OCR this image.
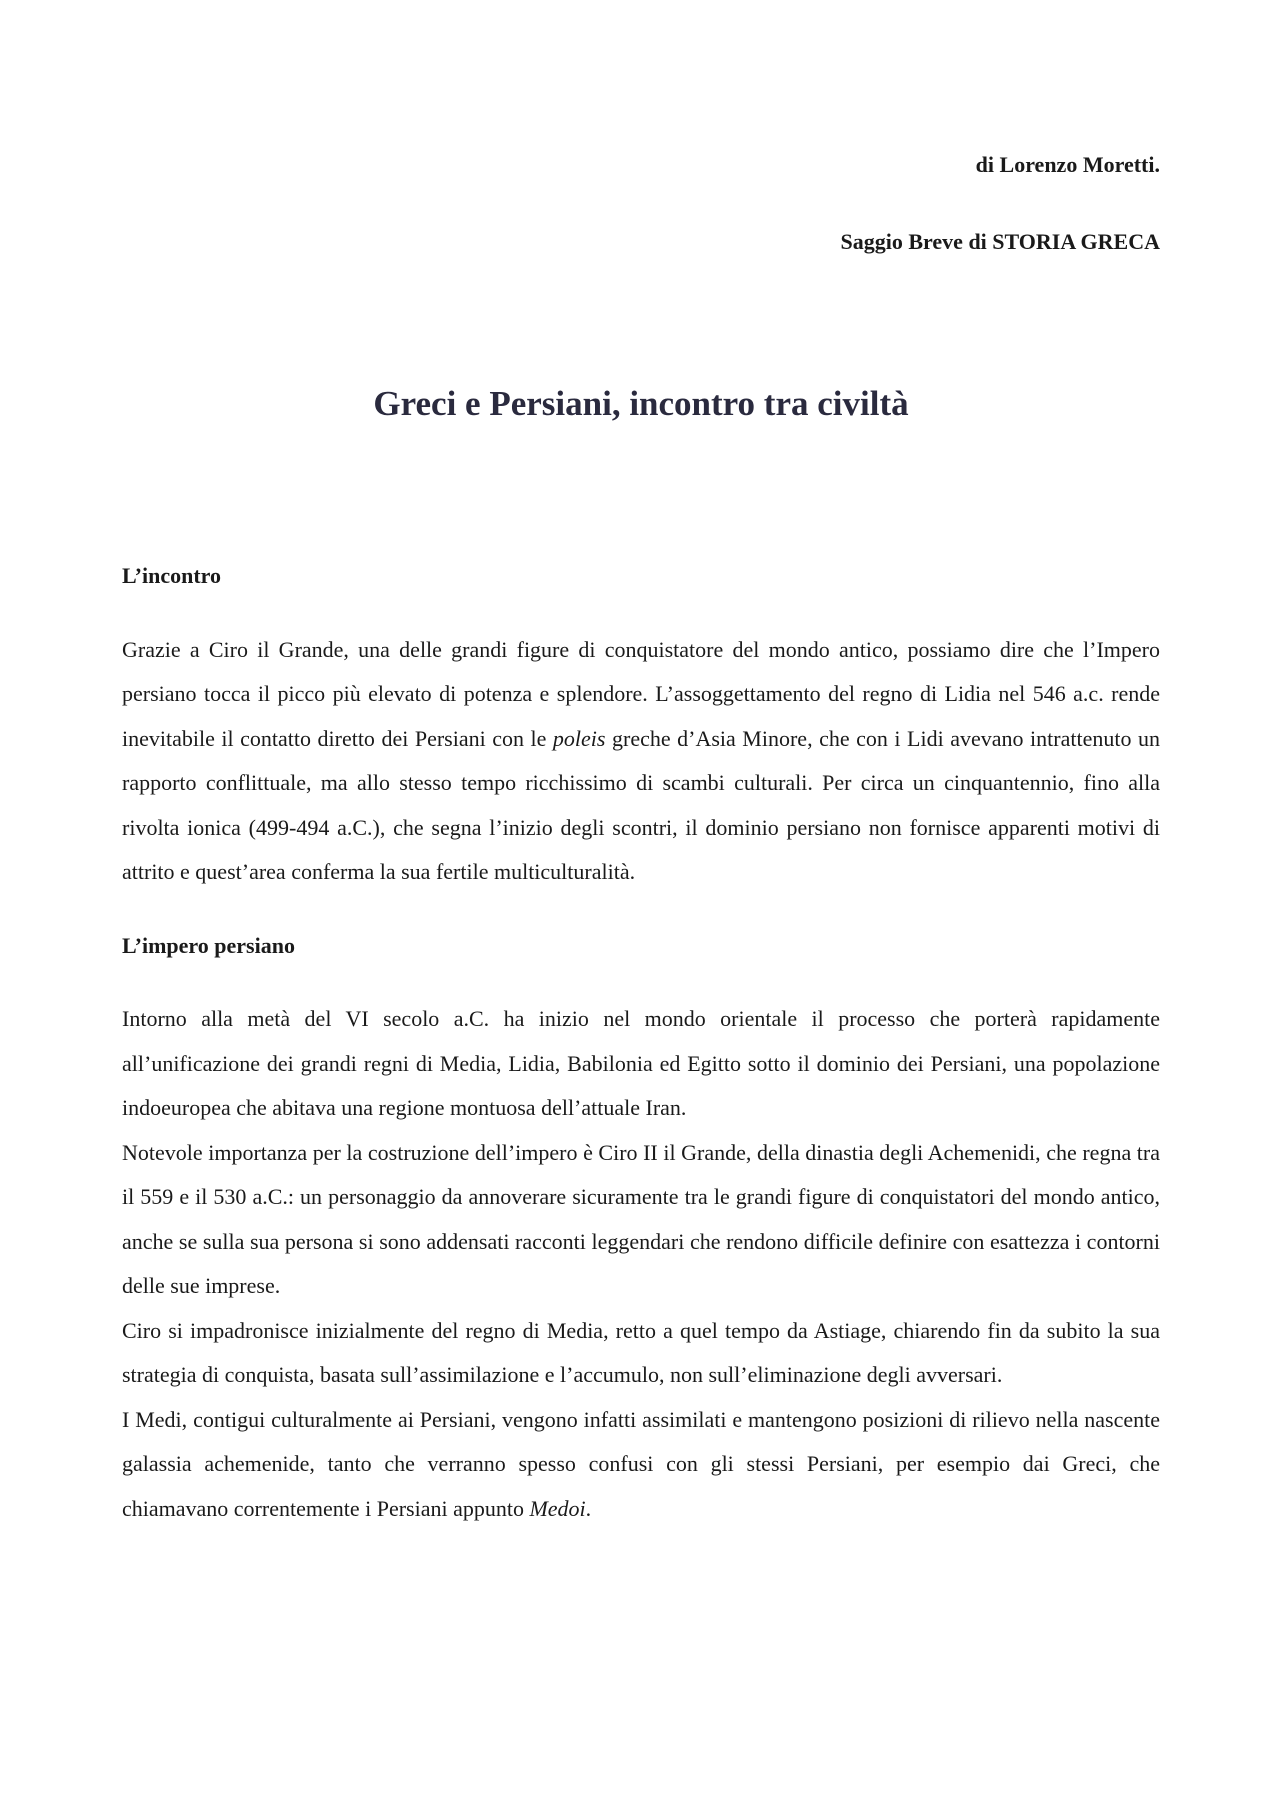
di Lorenzo Moretti.
Saggio Breve di STORIA GRECA
Greci e Persiani, incontro tra civiltà
L’incontro

Grazie a Ciro il Grande, una delle grandi figure di conquistatore del mondo antico, possiamo dire che l’Impero persiano tocca il picco più elevato di potenza e splendore. L’assoggettamento del regno di Lidia nel 546 a.c. rende inevitabile il contatto diretto dei Persiani con le poleis greche d’Asia Minore, che con i Lidi avevano intrattenuto un rapporto conflittuale, ma allo stesso tempo ricchissimo di scambi culturali. Per circa un cinquantennio, fino alla rivolta ionica (499-494 a.C.), che segna l’inizio degli scontri, il dominio persiano non fornisce apparenti motivi di attrito e quest’area conferma la sua fertile multiculturalità.

L’impero persiano

Intorno alla metà del VI secolo a.C. ha inizio nel mondo orientale il processo che porterà rapidamente all’unificazione dei grandi regni di Media, Lidia, Babilonia ed Egitto sotto il dominio dei Persiani, una popolazione indoeuropea che abitava una regione montuosa dell’attuale Iran.

Notevole importanza per la costruzione dell’impero è Ciro II il Grande, della dinastia degli Achemenidi, che regna tra il 559 e il 530 a.C.: un personaggio da annoverare sicuramente tra le grandi figure di conquistatori del mondo antico, anche se sulla sua persona si sono addensati racconti leggendari che rendono difficile definire con esattezza i contorni delle sue imprese.

Ciro si impadronisce inizialmente del regno di Media, retto a quel tempo da Astiage, chiarendo fin da subito la sua strategia di conquista, basata sull’assimilazione e l’accumulo, non sull’eliminazione degli avversari.

I Medi, contigui culturalmente ai Persiani, vengono infatti assimilati e mantengono posizioni di rilievo nella nascente galassia achemenide, tanto che verranno spesso confusi con gli stessi Persiani, per esempio dai Greci, che chiamavano correntemente i Persiani appunto Medoi.
